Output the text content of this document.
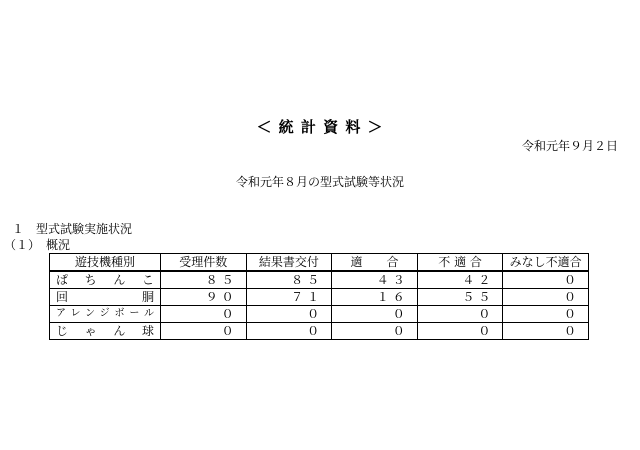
＜ 統 計 資 料 ＞
令和元年９月２日
令和元年８月の型式試験等状況
１　型式試験実施状況
（１）　概況
遊技機種別	受理件数	結果書交付	適　　合	不 適 合	みなし不適合
ぱちんこ	８５	８５	４３	４２	０
回胴	９０	７１	１６	５５	０
アレンジボール	０	０	０	０	０
じゃん球	０	０	０	０	０
